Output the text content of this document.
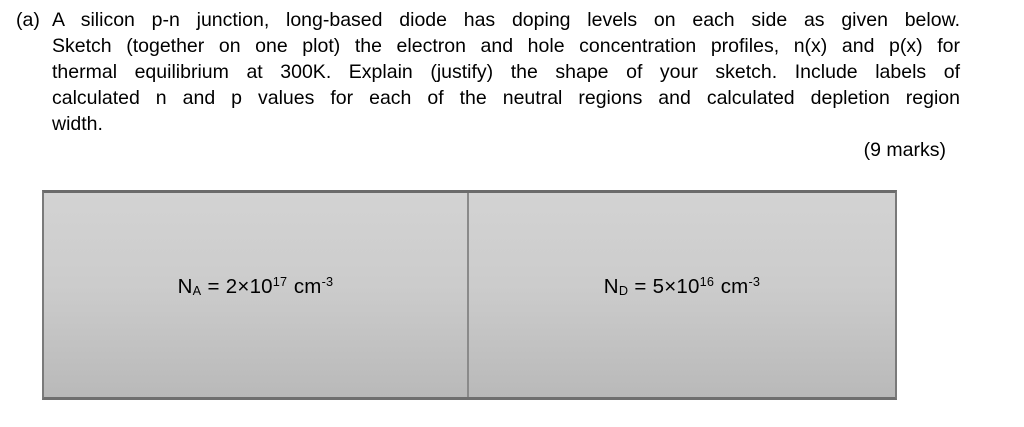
(a) A silicon p-n junction, long-based diode has doping levels on each side as given below.
Sketch (together on one plot) the electron and hole concentration profiles, n(x) and p(x) for
thermal equilibrium at 300K. Explain (justify) the shape of your sketch. Include labels of
calculated n and p values for each of the neutral regions and calculated depletion region
width.
(9 marks)
$N_A = 2\times 10^{17}$ $cm^{-3}$	$N_D = 5\times 10^{16}$ $cm^{-3}$
